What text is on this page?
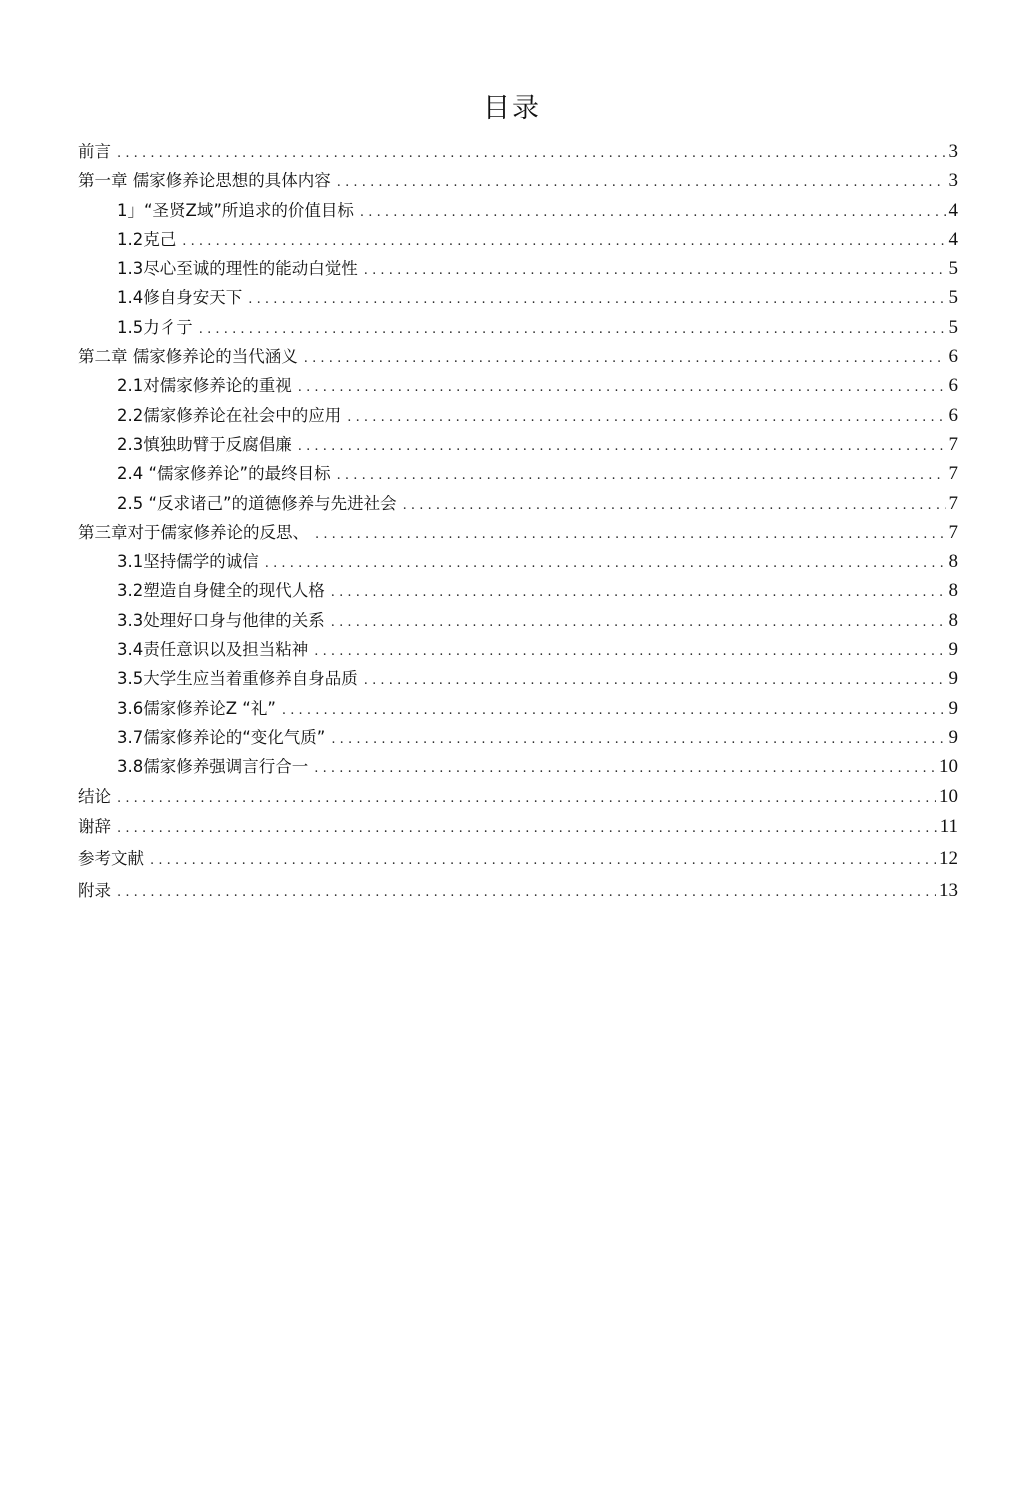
目录
前言 .....	3
第一章 儒家修养论思想的具体内容 .....	3
1」“圣贤Z域”所追求的价值目标 .....	4
1.2克己 .....	4
1.3尽心至诚的理性的能动白觉性 .....	5
1.4修自身安天下 .....	5
1.5力彳亍 .....	5
第二章 儒家修养论的当代涵义 .....	6
2.1对儒家修养论的重视 .....	6
2.2儒家修养论在社会中的应用 .....	6
2.3慎独助臂于反腐倡廉 .....	7
2.4 “儒家修养论”的最终目标 .....	7
2.5 “反求诸己”的道德修养与先进社会 .....	7
第三章对于儒家修养论的反思、 .....	7
3.1坚持儒学的诚信 .....	8
3.2塑造自身健全的现代人格 .....	8
3.3处理好口身与他律的关系 .....	8
3.4责任意识以及担当粘神 .....	9
3.5大学生应当着重修养自身品质 .....	9
3.6儒家修养论Z “礼” .....	9
3.7儒家修养论的“变化气质” .....	9
3.8儒家修养强调言行合一 .....	10
结论 .....	10
谢辞 .....	11
参考文献 .....	12
附录 .....	13
